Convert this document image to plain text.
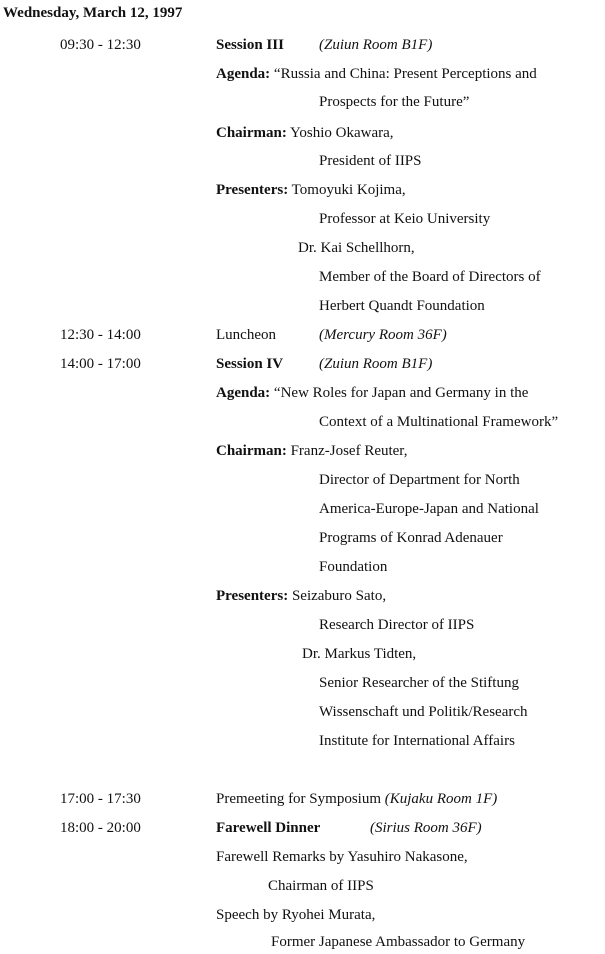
Wednesday, March 12, 1997
09:30 - 12:30	Session III (Zuiun Room B1F)
Agenda: “Russia and China: Present Perceptions and
Prospects for the Future”
Chairman: Yoshio Okawara,
President of IIPS
Presenters: Tomoyuki Kojima,
Professor at Keio University
Dr. Kai Schellhorn,
Member of the Board of Directors of
Herbert Quandt Foundation
12:30 - 14:00	Luncheon	(Mercury Room 36F)
14:00 - 17:00	Session IV (Zuiun Room B1F)
Agenda: “New Roles for Japan and Germany in the
Context of a Multinational Framework”
Chairman: Franz-Josef Reuter,
Director of Department for North
America-Europe-Japan and National
Programs of Konrad Adenauer
Foundation
Presenters: Seizaburo Sato,
Research Director of IIPS
Dr. Markus Tidten,
Senior Researcher of the Stiftung
Wissenschaft und Politik/Research
Institute for International Affairs
17:00 - 17:30	Premeeting for Symposium (Kujaku Room 1F)
18:00 - 20:00	Farewell Dinner	(Sirius Room 36F)
Farewell Remarks by Yasuhiro Nakasone,
Chairman of IIPS
Speech by Ryohei Murata,
Former Japanese Ambassador to Germany
